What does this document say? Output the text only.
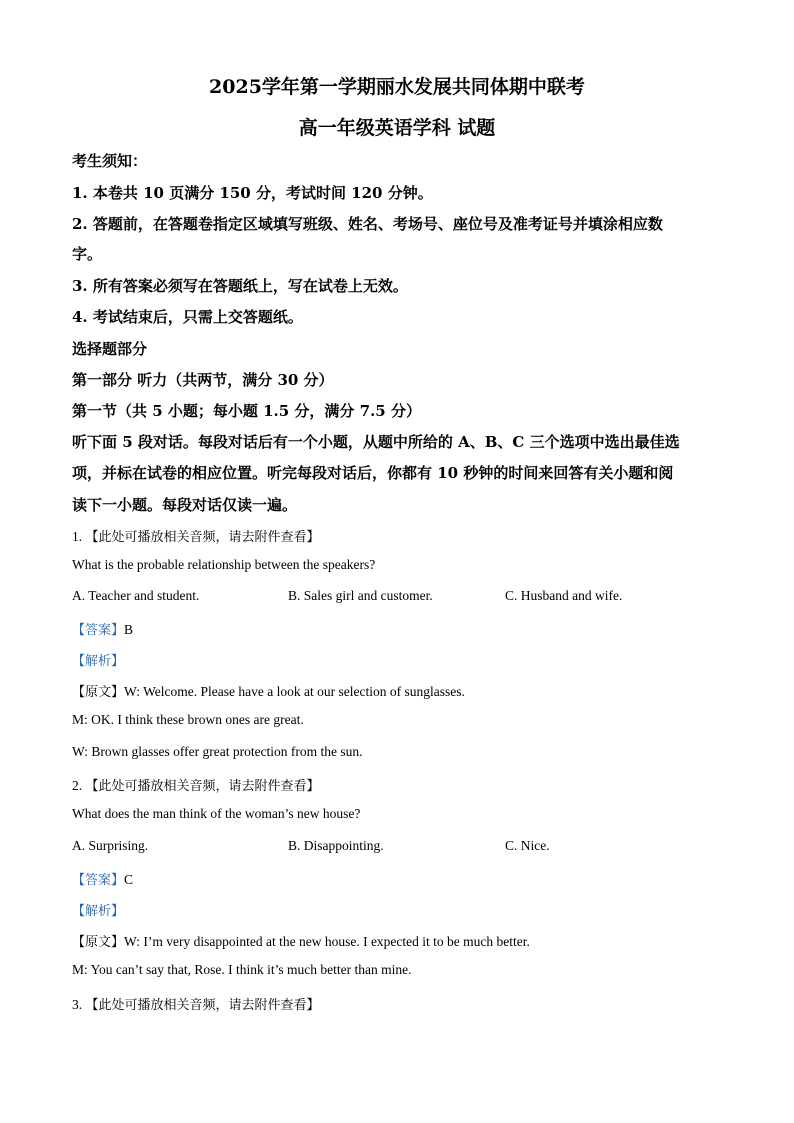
2025学年第一学期丽水发展共同体期中联考
高一年级英语学科 试题
考生须知：
1. 本卷共 10 页满分 150 分，考试时间 120 分钟。
2. 答题前，在答题卷指定区域填写班级、姓名、考场号、座位号及准考证号并填涂相应数
字。
3. 所有答案必须写在答题纸上，写在试卷上无效。
4. 考试结束后，只需上交答题纸。
选择题部分
第一部分 听力（共两节，满分 30 分）
第一节（共 5 小题；每小题 1.5 分，满分 7.5 分）
听下面 5 段对话。每段对话后有一个小题，从题中所给的 A、B、C 三个选项中选出最佳选
项，并标在试卷的相应位置。听完每段对话后，你都有 10 秒钟的时间来回答有关小题和阅
读下一小题。每段对话仅读一遍。
1. 【此处可播放相关音频，请去附件查看】
What is the probable relationship between the speakers?
A. Teacher and student.	B. Sales girl and customer.	C. Husband and wife.
【答案】B
【解析】
【原文】W: Welcome. Please have a look at our selection of sunglasses.
M: OK. I think these brown ones are great.
W: Brown glasses offer great protection from the sun.
2. 【此处可播放相关音频，请去附件查看】
What does the man think of the woman’s new house?
A. Surprising.	B. Disappointing.	C. Nice.
【答案】C
【解析】
【原文】W: I’m very disappointed at the new house. I expected it to be much better.
M: You can’t say that, Rose. I think it’s much better than mine.
3. 【此处可播放相关音频，请去附件查看】
